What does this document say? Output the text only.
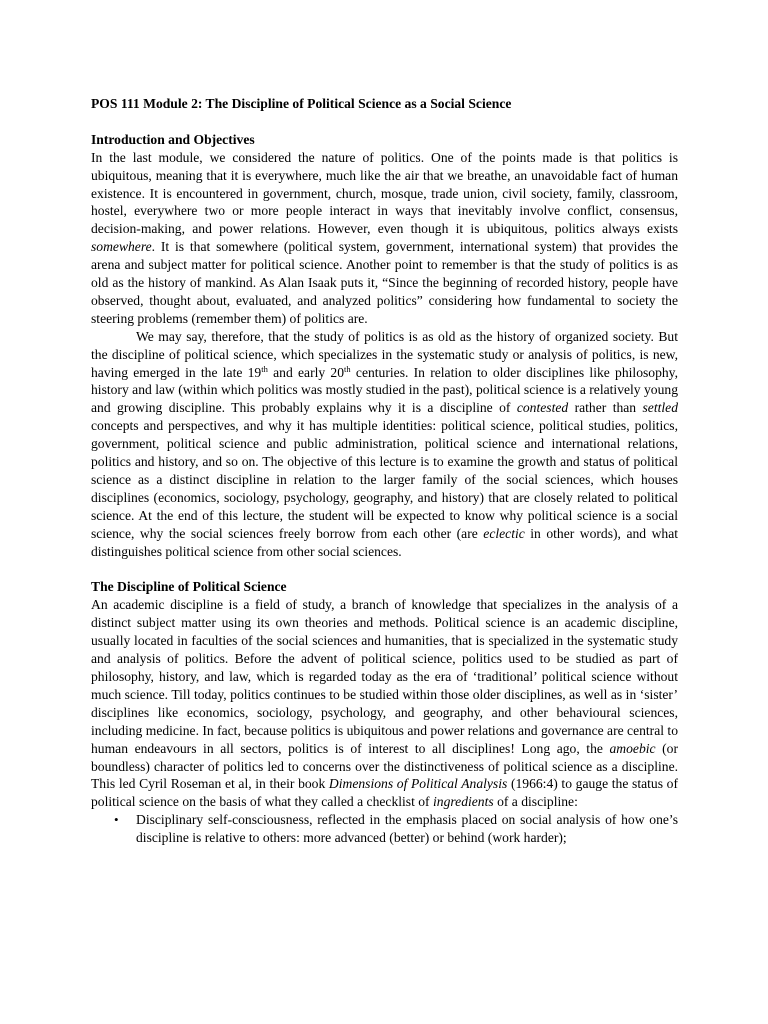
POS 111 Module 2: The Discipline of Political Science as a Social Science

Introduction and Objectives

In the last module, we considered the nature of politics. One of the points made is that politics is ubiquitous, meaning that it is everywhere, much like the air that we breathe, an unavoidable fact of human existence. It is encountered in government, church, mosque, trade union, civil society, family, classroom, hostel, everywhere two or more people interact in ways that inevitably involve conflict, consensus, decision-making, and power relations. However, even though it is ubiquitous, politics always exists somewhere. It is that somewhere (political system, government, international system) that provides the arena and subject matter for political science. Another point to remember is that the study of politics is as old as the history of mankind. As Alan Isaak puts it, “Since the beginning of recorded history, people have observed, thought about, evaluated, and analyzed politics” considering how fundamental to society the steering problems (remember them) of politics are.

We may say, therefore, that the study of politics is as old as the history of organized society. But the discipline of political science, which specializes in the systematic study or analysis of politics, is new, having emerged in the late 19th and early 20th centuries. In relation to older disciplines like philosophy, history and law (within which politics was mostly studied in the past), political science is a relatively young and growing discipline. This probably explains why it is a discipline of contested rather than settled concepts and perspectives, and why it has multiple identities: political science, political studies, politics, government, political science and public administration, political science and international relations, politics and history, and so on. The objective of this lecture is to examine the growth and status of political science as a distinct discipline in relation to the larger family of the social sciences, which houses disciplines (economics, sociology, psychology, geography, and history) that are closely related to political science. At the end of this lecture, the student will be expected to know why political science is a social science, why the social sciences freely borrow from each other (are eclectic in other words), and what distinguishes political science from other social sciences.

The Discipline of Political Science

An academic discipline is a field of study, a branch of knowledge that specializes in the analysis of a distinct subject matter using its own theories and methods. Political science is an academic discipline, usually located in faculties of the social sciences and humanities, that is specialized in the systematic study and analysis of politics. Before the advent of political science, politics used to be studied as part of philosophy, history, and law, which is regarded today as the era of ‘traditional’ political science without much science. Till today, politics continues to be studied within those older disciplines, as well as in ‘sister’ disciplines like economics, sociology, psychology, and geography, and other behavioural sciences, including medicine. In fact, because politics is ubiquitous and power relations and governance are central to human endeavours in all sectors, politics is of interest to all disciplines! Long ago, the amoebic (or boundless) character of politics led to concerns over the distinctiveness of political science as a discipline. This led Cyril Roseman et al, in their book Dimensions of Political Analysis (1966:4) to gauge the status of political science on the basis of what they called a checklist of ingredients of a discipline:

• Disciplinary self-consciousness, reflected in the emphasis placed on social analysis of how one’s discipline is relative to others: more advanced (better) or behind (work harder);
